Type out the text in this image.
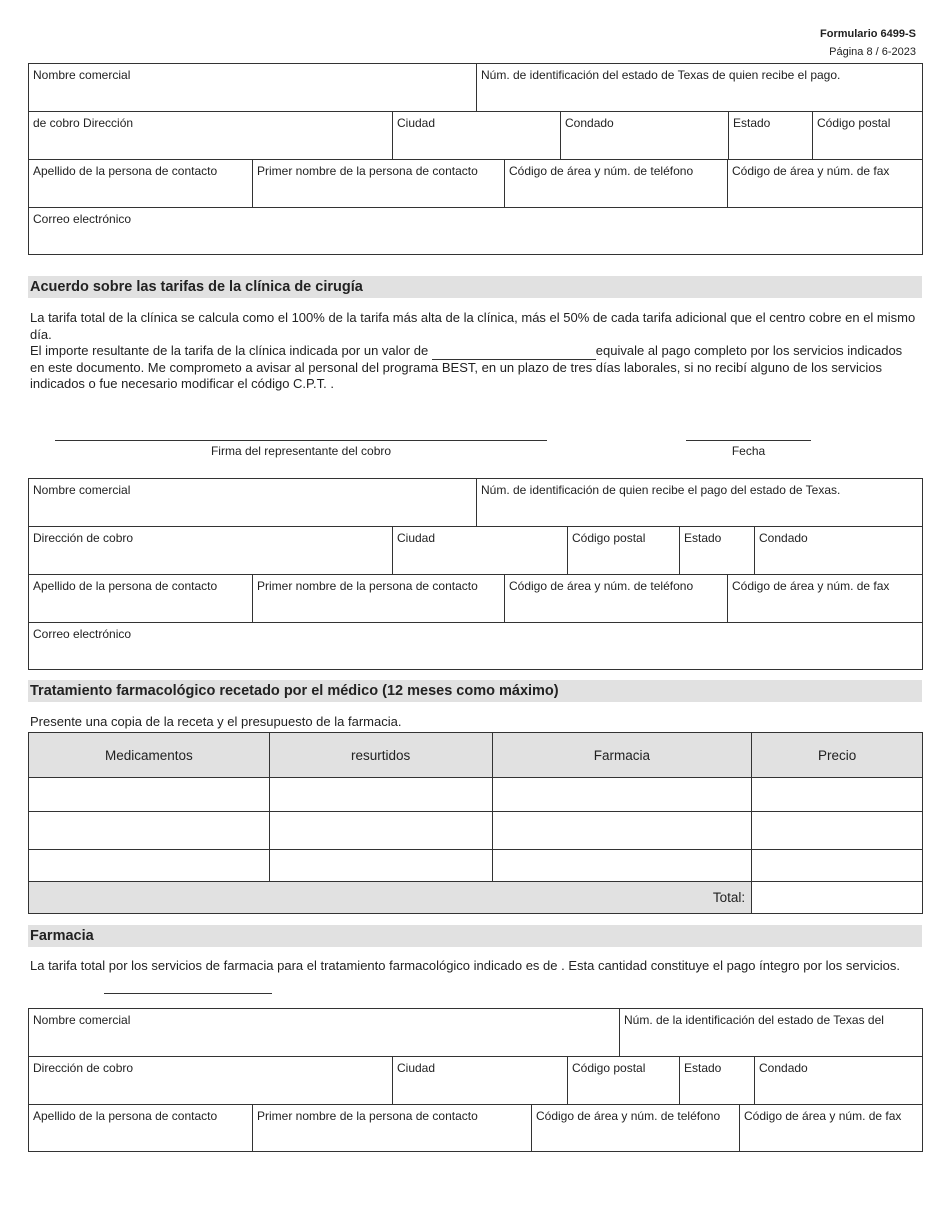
Formulario 6499-S
Página 8 / 6-2023
Nombre comercial	Núm. de identificación del estado de Texas de quien recibe el pago.
de cobro Dirección	Ciudad	Condado	Estado	Código postal
Apellido de la persona de contacto	Primer nombre de la persona de contacto	Código de área y núm. de teléfono	Código de área y núm. de fax
Correo electrónico
Acuerdo sobre las tarifas de la clínica de cirugía
La tarifa total de la clínica se calcula como el 100% de la tarifa más alta de la clínica, más el 50% de cada tarifa adicional que el centro cobre en el mismo día.
El importe resultante de la tarifa de la clínica indicada por un valor de	equivale al pago completo por los servicios indicados en este documento. Me comprometo a avisar al personal del programa BEST, en un plazo de tres días laborales, si no recibí alguno de los servicios indicados o fue necesario modificar el código C.P.T. .
Firma del representante del cobro	Fecha
Nombre comercial	Núm. de identificación de quien recibe el pago del estado de Texas.
Dirección de cobro	Ciudad	Código postal	Estado	Condado
Apellido de la persona de contacto	Primer nombre de la persona de contacto	Código de área y núm. de teléfono	Código de área y núm. de fax
Correo electrónico
Tratamiento farmacológico recetado por el médico (12 meses como máximo)
Presente una copia de la receta y el presupuesto de la farmacia.
Medicamentos	resurtidos	Farmacia	Precio

Total:			
Farmacia
La tarifa total por los servicios de farmacia para el tratamiento farmacológico indicado es de . Esta cantidad constituye el pago íntegro por los servicios.
Nombre comercial	Núm. de la identificación del estado de Texas del
Dirección de cobro	Ciudad	Código postal	Estado	Condado
Apellido de la persona de contacto	Primer nombre de la persona de contacto	Código de área y núm. de teléfono	Código de área y núm. de fax
